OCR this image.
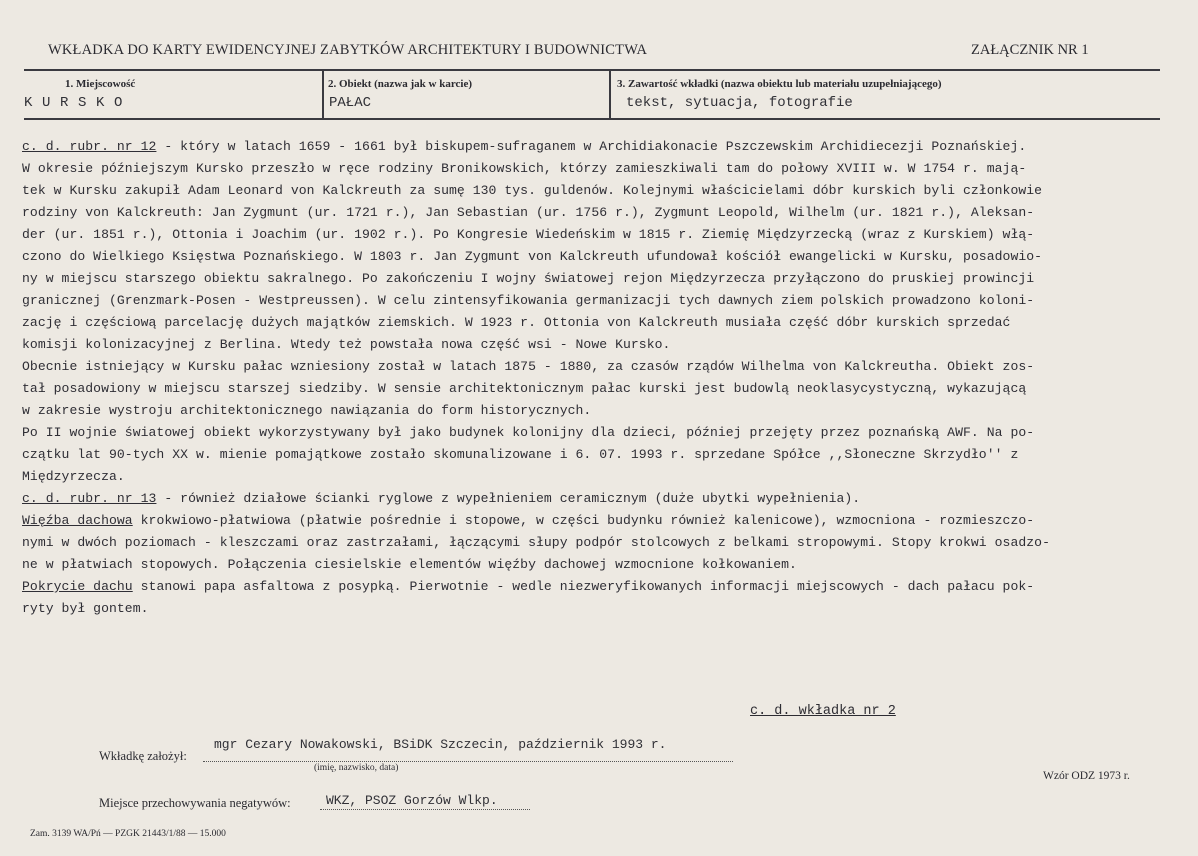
WKŁADKA DO KARTY EWIDENCYJNEJ ZABYTKÓW ARCHITEKTURY I BUDOWNICTWA	ZAŁĄCZNIK NR 1
1. Miejscowość
K U R S K O
2. Obiekt (nazwa jak w karcie)
PAŁAC
3. Zawartość wkładki (nazwa obiektu lub materiału uzupełniającego)
tekst, sytuacja, fotografie
c. d. rubr. nr 12 - który w latach 1659 - 1661 był biskupem-sufraganem w Archidiakonacie Pszczewskim Archidiecezji Poznańskiej.
W okresie późniejszym Kursko przeszło w ręce rodziny Bronikowskich, którzy zamieszkiwali tam do połowy XVIII w. W 1754 r. mają-
tek w Kursku zakupił Adam Leonard von Kalckreuth za sumę 130 tys. guldenów. Kolejnymi właścicielami dóbr kurskich byli członkowie
rodziny von Kalckreuth: Jan Zygmunt (ur. 1721 r.), Jan Sebastian (ur. 1756 r.), Zygmunt Leopold, Wilhelm (ur. 1821 r.), Aleksan-
der (ur. 1851 r.), Ottonia i Joachim (ur. 1902 r.). Po Kongresie Wiedeńskim w 1815 r. Ziemię Międzyrzecką (wraz z Kurskiem) włą-
czono do Wielkiego Księstwa Poznańskiego. W 1803 r. Jan Zygmunt von Kalckreuth ufundował kościół ewangelicki w Kursku, posadowio-
ny w miejscu starszego obiektu sakralnego. Po zakończeniu I wojny światowej rejon Międzyrzecza przyłączono do pruskiej prowincji
granicznej (Grenzmark-Posen - Westpreussen). W celu zintensyfikowania germanizacji tych dawnych ziem polskich prowadzono koloni-
zację i częściową parcelację dużych majątków ziemskich. W 1923 r. Ottonia von Kalckreuth musiała część dóbr kurskich sprzedać
komisji kolonizacyjnej z Berlina. Wtedy też powstała nowa część wsi - Nowe Kursko.
Obecnie istniejący w Kursku pałac wzniesiony został w latach 1875 - 1880, za czasów rządów Wilhelma von Kalckreutha. Obiekt zos-
tał posadowiony w miejscu starszej siedziby. W sensie architektonicznym pałac kurski jest budowlą neoklasycystyczną, wykazującą
w zakresie wystroju architektonicznego nawiązania do form historycznych.
Po II wojnie światowej obiekt wykorzystywany był jako budynek kolonijny dla dzieci, później przejęty przez poznańską AWF. Na po-
czątku lat 90-tych XX w. mienie pomajątkowe zostało skomunalizowane i 6. 07. 1993 r. sprzedane Spółce ,,Słoneczne Skrzydło'' z
Międzyrzecza.
c. d. rubr. nr 13 - również działowe ścianki ryglowe z wypełnieniem ceramicznym (duże ubytki wypełnienia).
Więźba dachowa krokwiowo-płatwiowa (płatwie pośrednie i stopowe, w części budynku również kalenicowe), wzmocniona - rozmieszczo-
nymi w dwóch poziomach - kleszczami oraz zastrzałami, łączącymi słupy podpór stolcowych z belkami stropowymi. Stopy krokwi osadzo-
ne w płatwiach stopowych. Połączenia ciesielskie elementów więźby dachowej wzmocnione kołkowaniem.
Pokrycie dachu stanowi papa asfaltowa z posypką. Pierwotnie - wedle niezweryfikowanych informacji miejscowych - dach pałacu pok-
ryty był gontem.
c. d. wkładka nr 2
Wkładkę założył:
mgr Cezary Nowakowski, BSiDK Szczecin, październik 1993 r.
(imię, nazwisko, data)
Wzór ODZ 1973 r.
Miejsce przechowywania negatywów:	WKZ, PSOZ Gorzów Wlkp.
Zam. 3139 WA/Pń — PZGK 21443/1/88 — 15.000
